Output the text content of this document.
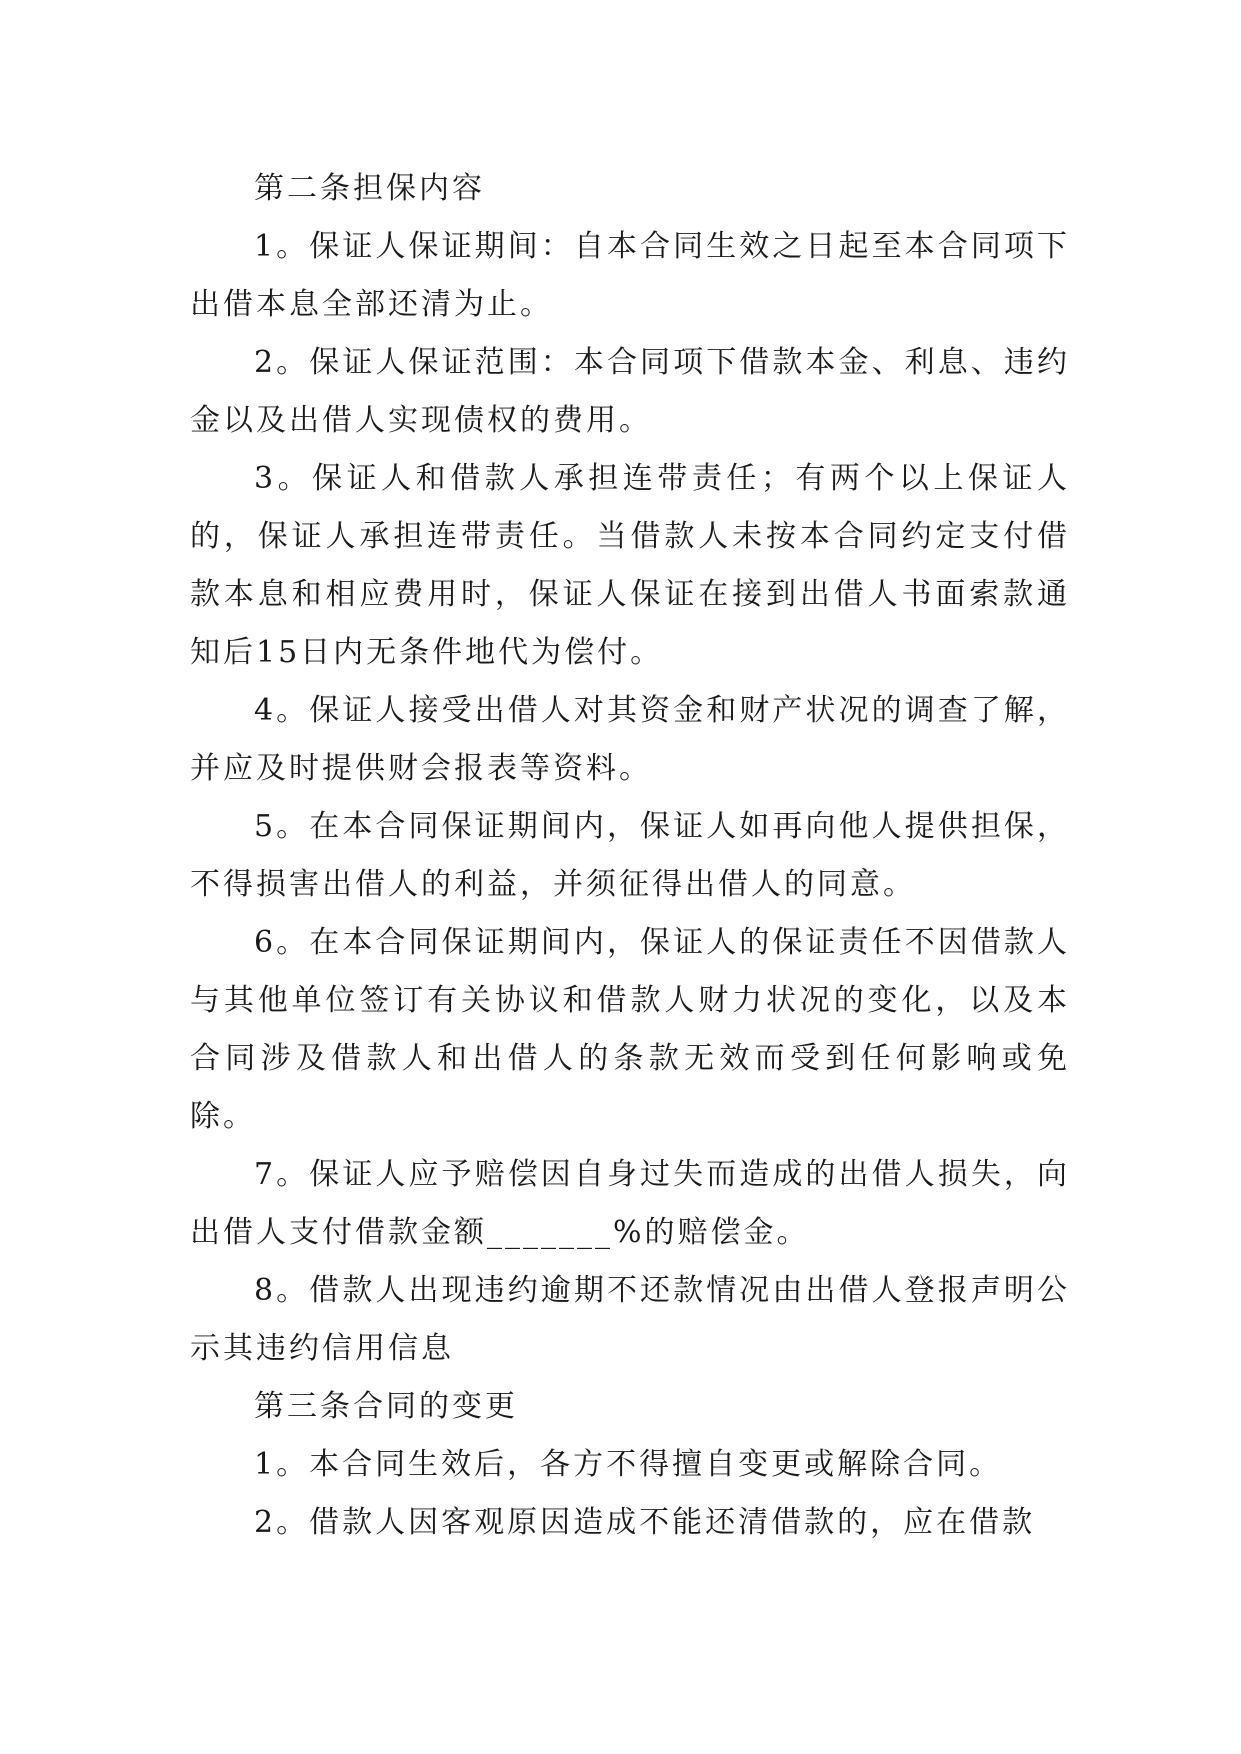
第二条担保内容

1。保证人保证期间：自本合同生效之日起至本合同项下出借本息全部还清为止。

2。保证人保证范围：本合同项下借款本金、利息、违约金以及出借人实现债权的费用。

3。保证人和借款人承担连带责任；有两个以上保证人的，保证人承担连带责任。当借款人未按本合同约定支付借款本息和相应费用时，保证人保证在接到出借人书面索款通知后15日内无条件地代为偿付。

4。保证人接受出借人对其资金和财产状况的调查了解，并应及时提供财会报表等资料。

5。在本合同保证期间内，保证人如再向他人提供担保，不得损害出借人的利益，并须征得出借人的同意。

6。在本合同保证期间内，保证人的保证责任不因借款人与其他单位签订有关协议和借款人财力状况的变化，以及本合同涉及借款人和出借人的条款无效而受到任何影响或免除。

7。保证人应予赔偿因自身过失而造成的出借人损失，向出借人支付借款金额_______%的赔偿金。

8。借款人出现违约逾期不还款情况由出借人登报声明公示其违约信用信息

第三条合同的变更

1。本合同生效后，各方不得擅自变更或解除合同。

2。借款人因客观原因造成不能还清借款的，应在借款
